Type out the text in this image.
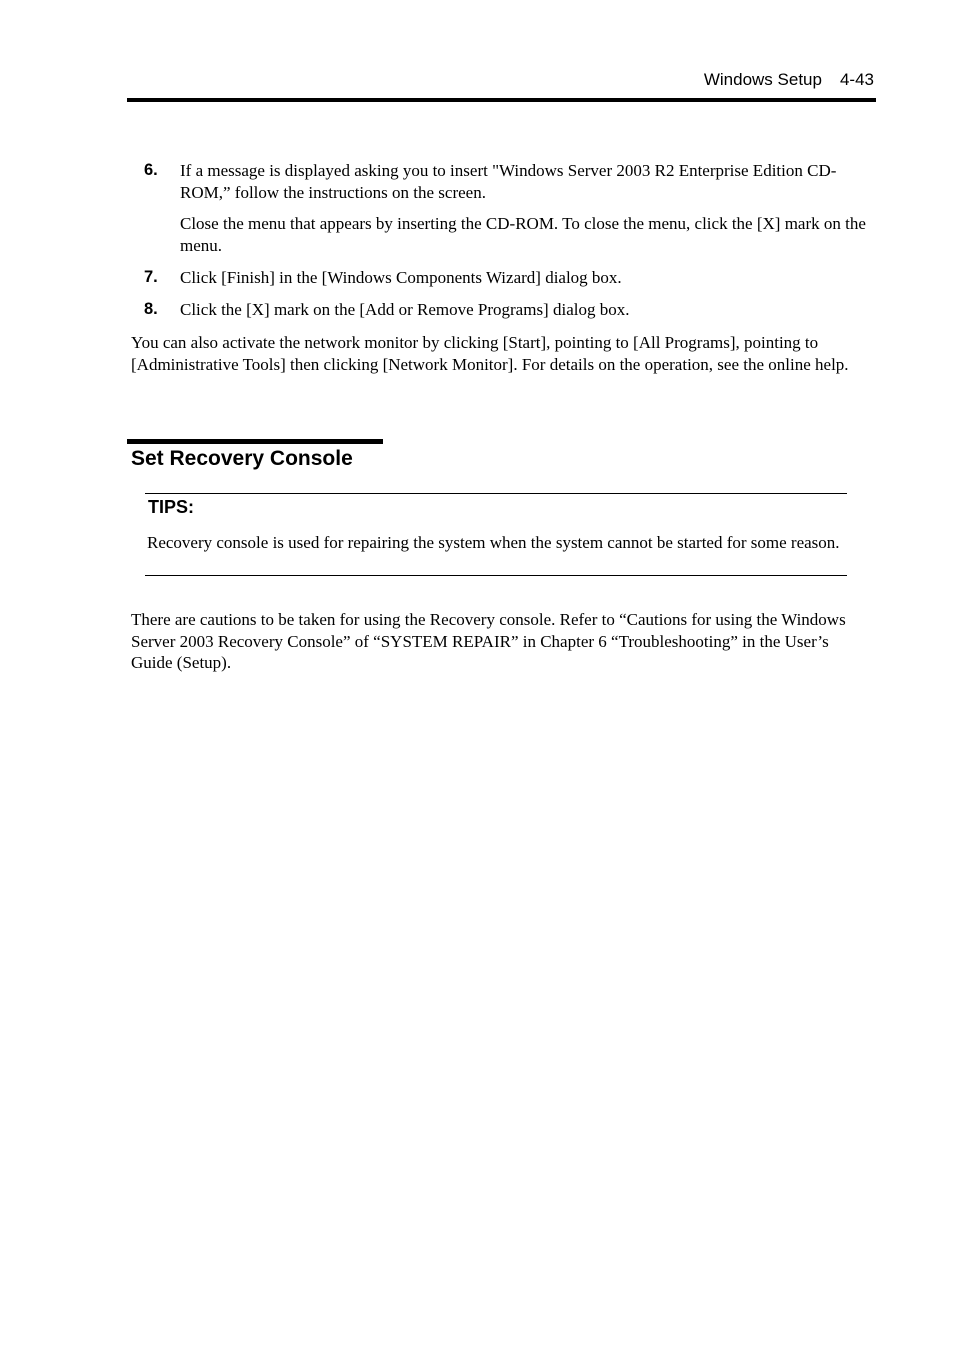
Windows Setup 4-43
6. If a message is displayed asking you to insert "Windows Server 2003 R2 Enterprise Edition CD-ROM,” follow the instructions on the screen.
Close the menu that appears by inserting the CD-ROM. To close the menu, click the [X] mark on the menu.
7. Click [Finish] in the [Windows Components Wizard] dialog box.
8. Click the [X] mark on the [Add or Remove Programs] dialog box.
You can also activate the network monitor by clicking [Start], pointing to [All Programs], pointing to [Administrative Tools] then clicking [Network Monitor]. For details on the operation, see the online help.
Set Recovery Console
TIPS:
Recovery console is used for repairing the system when the system cannot be started for some reason.
There are cautions to be taken for using the Recovery console. Refer to “Cautions for using the Windows Server 2003 Recovery Console” of “SYSTEM REPAIR” in Chapter 6 “Troubleshooting” in the User’s Guide (Setup).
